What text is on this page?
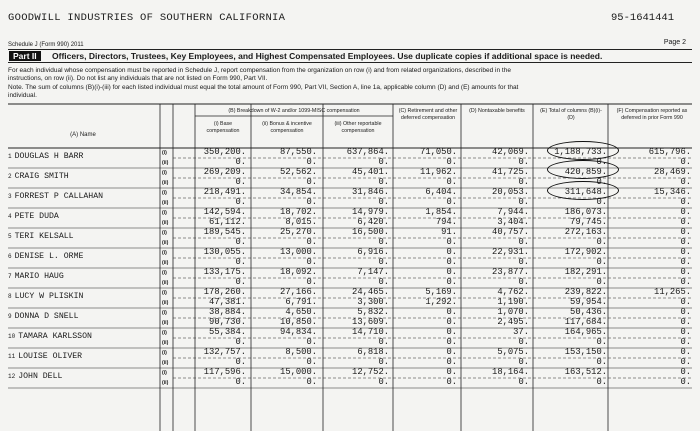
GOODWILL INDUSTRIES OF SOUTHERN CALIFORNIA	95-1641441
Schedule J (Form 990) 2011	Page 2
Part II	Officers, Directors, Trustees, Key Employees, and Highest Compensated Employees. Use duplicate copies if additional space is needed.
For each individual whose compensation must be reported in Schedule J, report compensation from the organization on row (i) and from related organizations, described in the
instructions, on row (ii). Do not list any individuals that are not listed on Form 990, Part VII.
Note. The sum of columns (B)(i)-(iii) for each listed individual must equal the total amount of Form 990, Part VII, Section A, line 1a, applicable column (D) and (E) amounts for that
individual.
(A) Name
(B) Breakdown of W-2 and/or 1099-MISC compensation
(i) Base compensation
(ii) Bonus & incentive compensation
(iii) Other reportable compensation
(C) Retirement and other deferred compensation
(D) Nontaxable benefits	(E) Total of columns (B)(i)-(D)
(F) Compensation reported as deferred in prior Form 990
1 DOUGLAS H BARR	(i)	350,200.	87,550.	637,864.	71,050.	42,069.	1,188,733.	615,796.
(ii)	0.	0.	0.	0.	0.	0.	0.
2 CRAIG SMITH	(i)	269,209.	52,562.	45,401.	11,962.	41,725.	420,859.	28,469.
(ii)	0.	0.	0.	0.	0.	0.	0.
3 FORREST P CALLAHAN	(i)	218,491.	34,854.	31,846.	6,404.	20,053.	311,648.	15,346.
(ii)	0.	0.	0.	0.	0.	0.	0.
4 PETE DUDA	(i)	142,594.	18,702.	14,979.	1,854.	7,944.	186,073.	0.
(ii)	61,112.	8,015.	6,420.	794.	3,404.	79,745.	0.
5 TERI KELSALL	(i)	189,545.	25,270.	16,500.	91.	40,757.	272,163.	0.
(ii)	0.	0.	0.	0.	0.	0.	0.
6 DENISE L. ORME	(i)	130,055.	13,000.	6,916.	0.	22,931.	172,902.	0.
(ii)	0.	0.	0.	0.	0.	0.	0.
7 MARIO HAUG	(i)	133,175.	18,092.	7,147.	0.	23,877.	182,291.	0.
(ii)	0.	0.	0.	0.	0.	0.	0.
8 LUCY W PLISKIN	(i)	178,260.	27,166.	24,465.	5,169.	4,762.	239,822.	11,265.
(ii)	47,381.	6,791.	3,300.	1,292.	1,190.	59,954.	0.
9 DONNA D SNELL	(i)	38,884.	4,650.	5,832.	0.	1,070.	50,436.	0.
(ii)	90,730.	10,850.	13,609.	0.	2,495.	117,684.	0.
10 TAMARA KARLSSON	(i)	55,384.	94,834.	14,710.	0.	37.	164,965.	0.
(ii)	0.	0.	0.	0.	0.	0.	0.
11 LOUISE OLIVER	(i)	132,757.	8,500.	6,818.	0.	5,075.	153,150.	0.
(ii)	0.	0.	0.	0.	0.	0.	0.
12 JOHN DELL	(i)	117,596.	15,000.	12,752.	0.	18,164.	163,512.	0.
(ii)	0.	0.	0.	0.	0.	0.	0.
